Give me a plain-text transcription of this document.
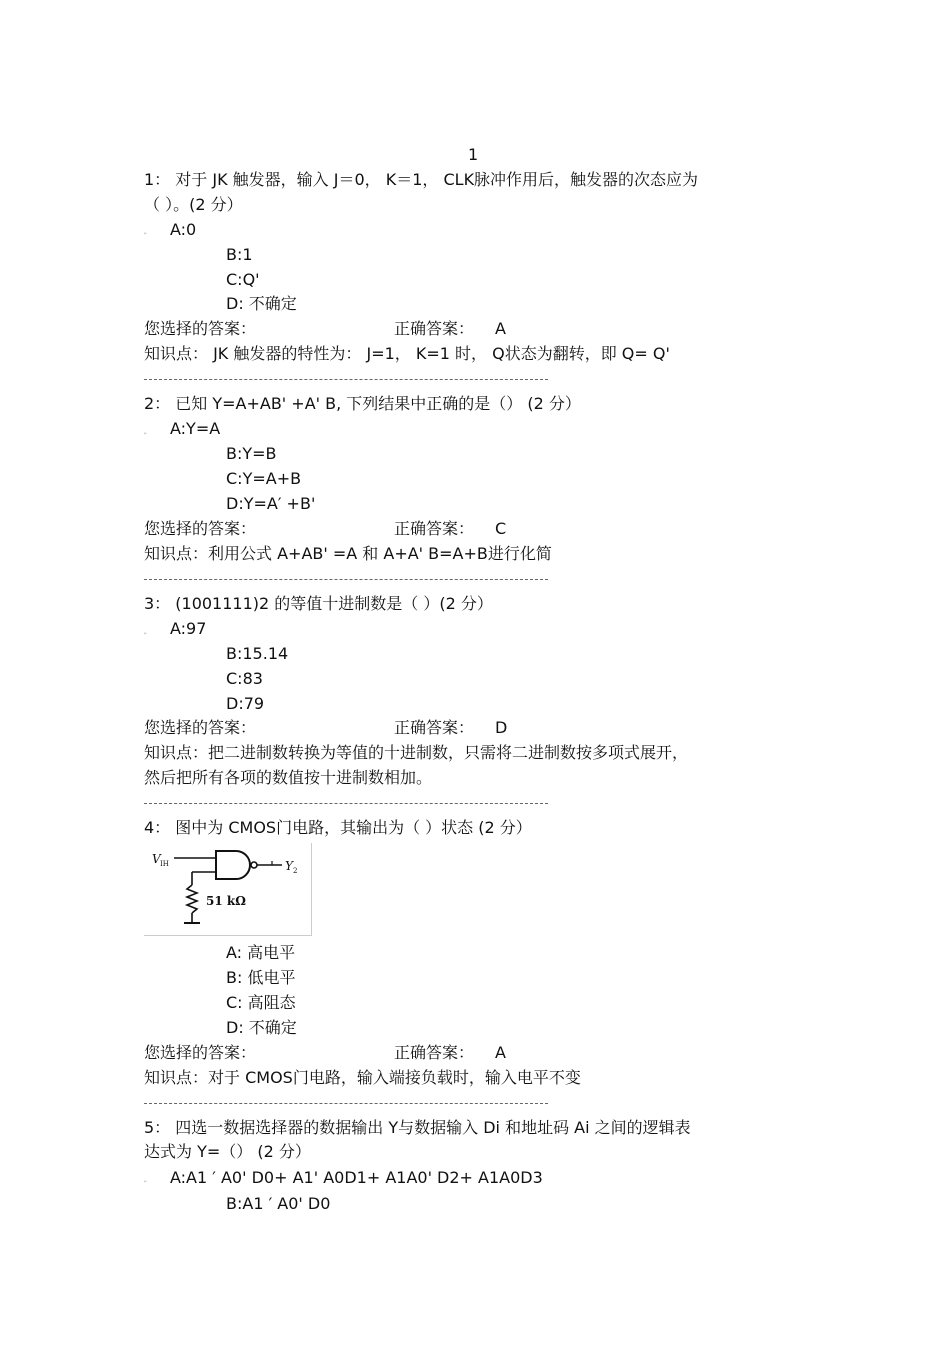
1
1： 对于 JK 触发器，输入 J＝0， K＝1， CLK脉冲作用后，触发器的次态应为
（ ）。(2 分）
" A:0
B:1
C:Q'
D: 不确定
您选择的答案：	正确答案： A
知识点： JK 触发器的特性为： J=1， K=1 时， Q状态为翻转，即 Q= Q'
2： 已知 Y=A+AB' +A' B, 下列结果中正确的是（） (2 分）
" A:Y=A
B:Y=B
C:Y=A+B
D:Y=A′ +B'
您选择的答案：	正确答案： C
知识点：利用公式 A+AB' =A 和 A+A' B=A+B进行化简
3： (1001111)2 的等值十进制数是（ ）(2 分）
" A:97
B:15.14
C:83
D:79
您选择的答案：	正确答案： D
知识点：把二进制数转换为等值的十进制数，只需将二进制数按多项式展开，
然后把所有各项的数值按十进制数相加。
4： 图中为 CMOS门电路，其输出为（ ）状态 (2 分）
V IH	Y 2
51 kΩ
A: 高电平
B: 低电平
C: 高阻态
D: 不确定
您选择的答案：	正确答案： A
知识点：对于 CMOS门电路，输入端接负载时，输入电平不变
5： 四选一数据选择器的数据输出 Y与数据输入 Di 和地址码 Ai 之间的逻辑表
达式为 Y=（） (2 分）
" A:A1 ′ A0' D0+ A1' A0D1+ A1A0' D2+ A1A0D3
B:A1 ′ A0' D0
